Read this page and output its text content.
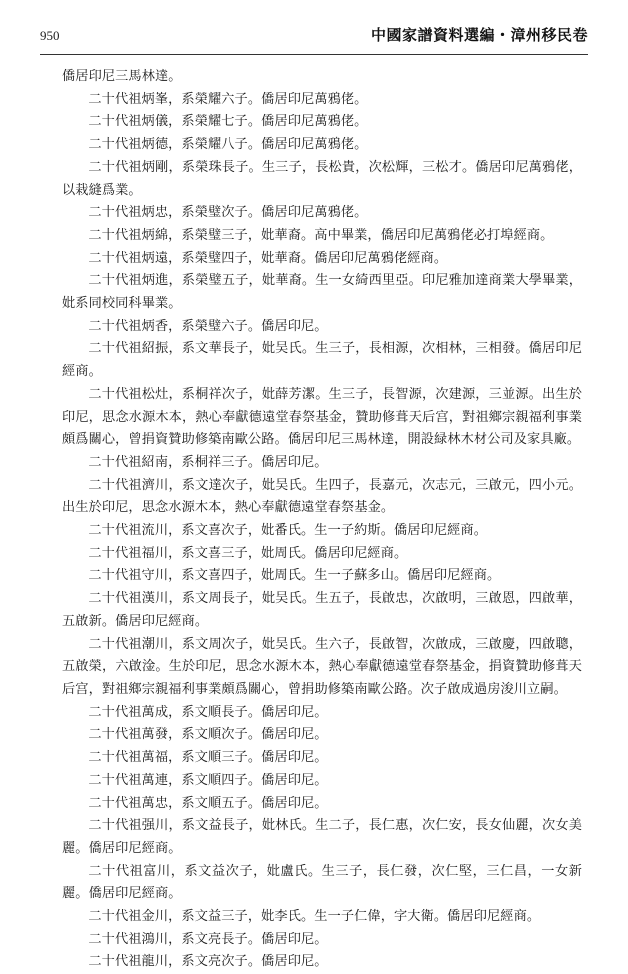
950	中國家譜資料選編・漳州移民卷

僑居印尼三馬林達。

二十代祖炳峯，系榮耀六子。僑居印尼萬鴉佬。

二十代祖炳儀，系榮耀七子。僑居印尼萬鴉佬。

二十代祖炳德，系榮耀八子。僑居印尼萬鴉佬。

二十代祖炳剛，系榮珠長子。生三子，長松貴，次松輝，三松才。僑居印尼萬鴉佬，以栽縫爲業。

二十代祖炳忠，系榮璧次子。僑居印尼萬鴉佬。

二十代祖炳綿，系榮璧三子，妣華裔。高中畢業，僑居印尼萬鴉佬必打埠經商。

二十代祖炳遠，系榮璧四子，妣華裔。僑居印尼萬鴉佬經商。

二十代祖炳進，系榮璧五子，妣華裔。生一女綺西里亞。印尼雅加達商業大學畢業，妣系同校同科畢業。

二十代祖炳香，系榮璧六子。僑居印尼。

二十代祖紹振，系文華長子，妣吴氏。生三子，長相源，次相林，三相發。僑居印尼經商。

二十代祖松灶，系桐祥次子，妣薛芳潔。生三子，長智源，次建源，三並源。出生於印尼，思念水源木本，熱心奉獻德遠堂春祭基金，贊助修葺天后宫，對祖鄉宗親福利事業頗爲關心，曾捐資贊助修築南歐公路。僑居印尼三馬林達，開設緑林木材公司及家具廠。

二十代祖紹南，系桐祥三子。僑居印尼。

二十代祖濟川，系文達次子，妣吴氏。生四子，長嘉元，次志元，三啟元，四小元。出生於印尼，思念水源木本，熱心奉獻德遠堂春祭基金。

二十代祖流川，系文喜次子，妣番氏。生一子約斯。僑居印尼經商。

二十代祖福川，系文喜三子，妣周氏。僑居印尼經商。

二十代祖守川，系文喜四子，妣周氏。生一子蘇多山。僑居印尼經商。

二十代祖漢川，系文周長子，妣吴氏。生五子，長啟忠，次啟明，三啟恩，四啟華，五啟新。僑居印尼經商。

二十代祖潮川，系文周次子，妣吴氏。生六子，長啟智，次啟成，三啟慶，四啟聰，五啟榮，六啟淦。生於印尼，思念水源木本，熱心奉獻德遠堂春祭基金，捐資贊助修葺天后宫，對祖鄉宗親福利事業頗爲關心，曾捐助修築南歐公路。次子啟成過房浚川立嗣。

二十代祖萬成，系文順長子。僑居印尼。

二十代祖萬發，系文順次子。僑居印尼。

二十代祖萬福，系文順三子。僑居印尼。

二十代祖萬連，系文順四子。僑居印尼。

二十代祖萬忠，系文順五子。僑居印尼。

二十代祖强川，系文益長子，妣林氏。生二子，長仁惠，次仁安，長女仙麗，次女美麗。僑居印尼經商。

二十代祖富川，系文益次子，妣盧氏。生三子，長仁發，次仁堅，三仁昌，一女新麗。僑居印尼經商。

二十代祖金川，系文益三子，妣李氏。生一子仁偉，字大衛。僑居印尼經商。

二十代祖鴻川，系文亮長子。僑居印尼。

二十代祖龍川，系文亮次子。僑居印尼。
